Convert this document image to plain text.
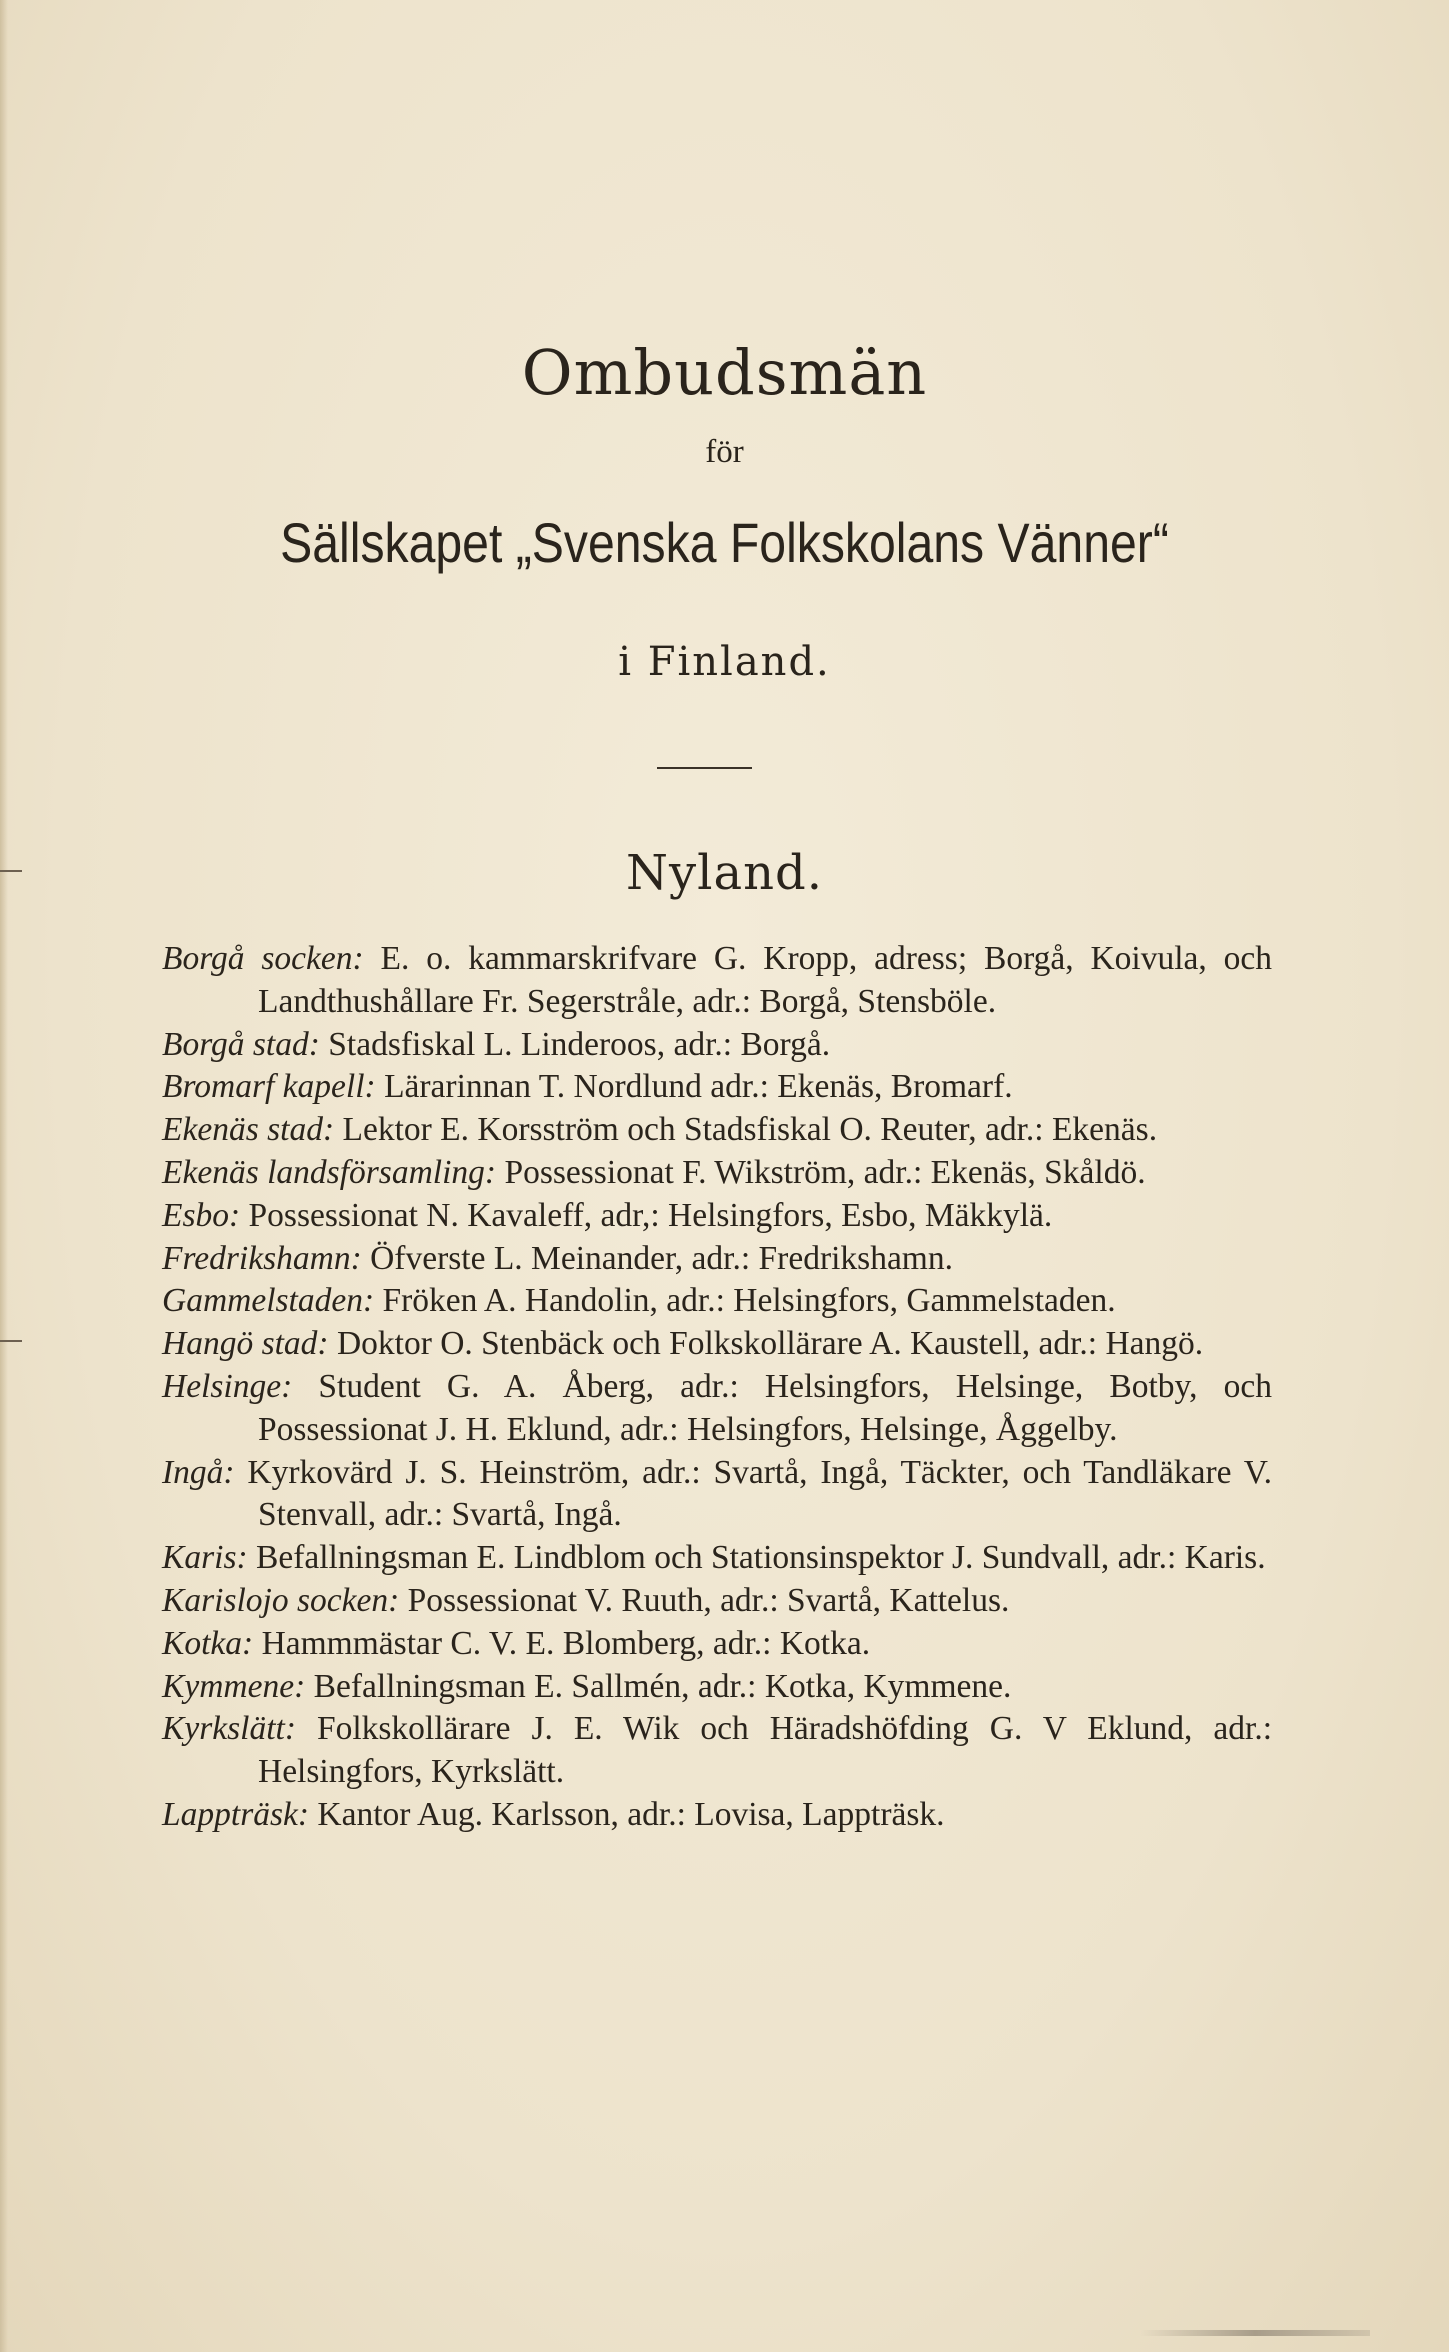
Ombudsmän
för
Sällskapet „Svenska Folkskolans Vänner“
i Finland.
Nyland.

Borgå socken: E. o. kammarskrifvare G. Kropp, adress; Borgå, Koivula, och Landthushållare Fr. Segerstråle, adr.: Borgå, Stensböle.

Borgå stad: Stadsfiskal L. Linderoos, adr.: Borgå.

Bromarf kapell: Lärarinnan T. Nordlund adr.: Ekenäs, Bromarf.

Ekenäs stad: Lektor E. Korsström och Stadsfiskal O. Reuter, adr.: Ekenäs.

Ekenäs landsförsamling: Possessionat F. Wikström, adr.: Ekenäs, Skåldö.

Esbo: Possessionat N. Kavaleff, adr,: Helsingfors, Esbo, Mäkkylä.

Fredrikshamn: Öfverste L. Meinander, adr.: Fredrikshamn.

Gammelstaden: Fröken A. Handolin, adr.: Helsingfors, Gammelstaden.

Hangö stad: Doktor O. Stenbäck och Folkskollärare A. Kaustell, adr.: Hangö.

Helsinge: Student G. A. Åberg, adr.: Helsingfors, Helsinge, Botby, och Possessionat J. H. Eklund, adr.: Helsingfors, Helsinge, Åggelby.

Ingå: Kyrkovärd J. S. Heinström, adr.: Svartå, Ingå, Täckter, och Tandläkare V. Stenvall, adr.: Svartå, Ingå.

Karis: Befallningsman E. Lindblom och Stationsinspektor J. Sundvall, adr.: Karis.

Karislojo socken: Possessionat V. Ruuth, adr.: Svartå, Kattelus.

Kotka: Hammmästar C. V. E. Blomberg, adr.: Kotka.

Kymmene: Befallningsman E. Sallmén, adr.: Kotka, Kymmene.

Kyrkslätt: Folkskollärare J. E. Wik och Häradshöfding G. V Eklund, adr.: Helsingfors, Kyrkslätt.

Lappträsk: Kantor Aug. Karlsson, adr.: Lovisa, Lappträsk.
